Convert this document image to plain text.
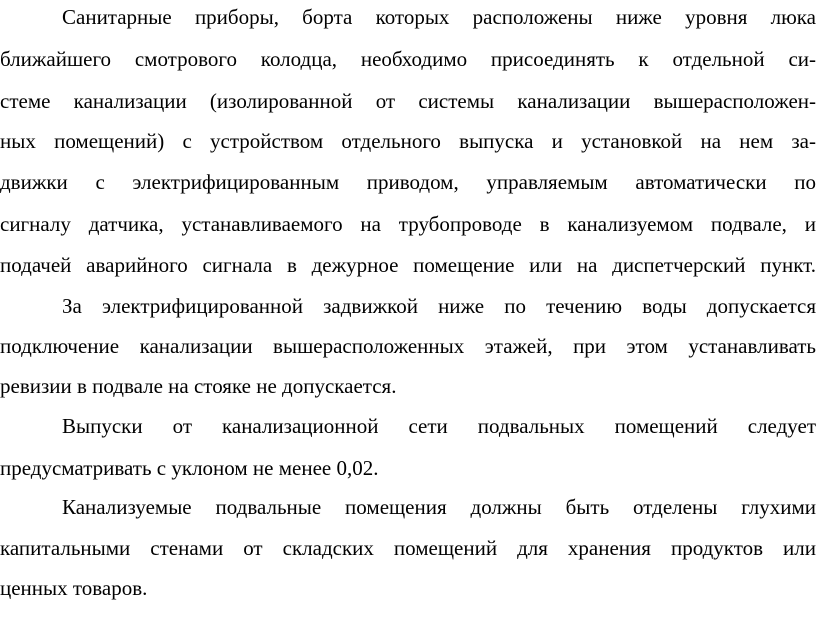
Санитарные приборы, борта которых расположены ниже уровня люка
ближайшего смотрового колодца, необходимо присоединять к отдельной си-
стеме канализации (изолированной от системы канализации вышерасположен-
ных помещений) с устройством отдельного выпуска и установкой на нем за-
движки с электрифицированным приводом, управляемым автоматически по
сигналу датчика, устанавливаемого на трубопроводе в канализуемом подвале, и
подачей аварийного сигнала в дежурное помещение или на диспетчерский пункт.
За электрифицированной задвижкой ниже по течению воды допускается
подключение канализации вышерасположенных этажей, при этом устанавливать
ревизии в подвале на стояке не допускается.
Выпуски от канализационной сети подвальных помещений следует
предусматривать с уклоном не менее 0,02.
Канализуемые подвальные помещения должны быть отделены глухими
капитальными стенами от складских помещений для хранения продуктов или
ценных товаров.
